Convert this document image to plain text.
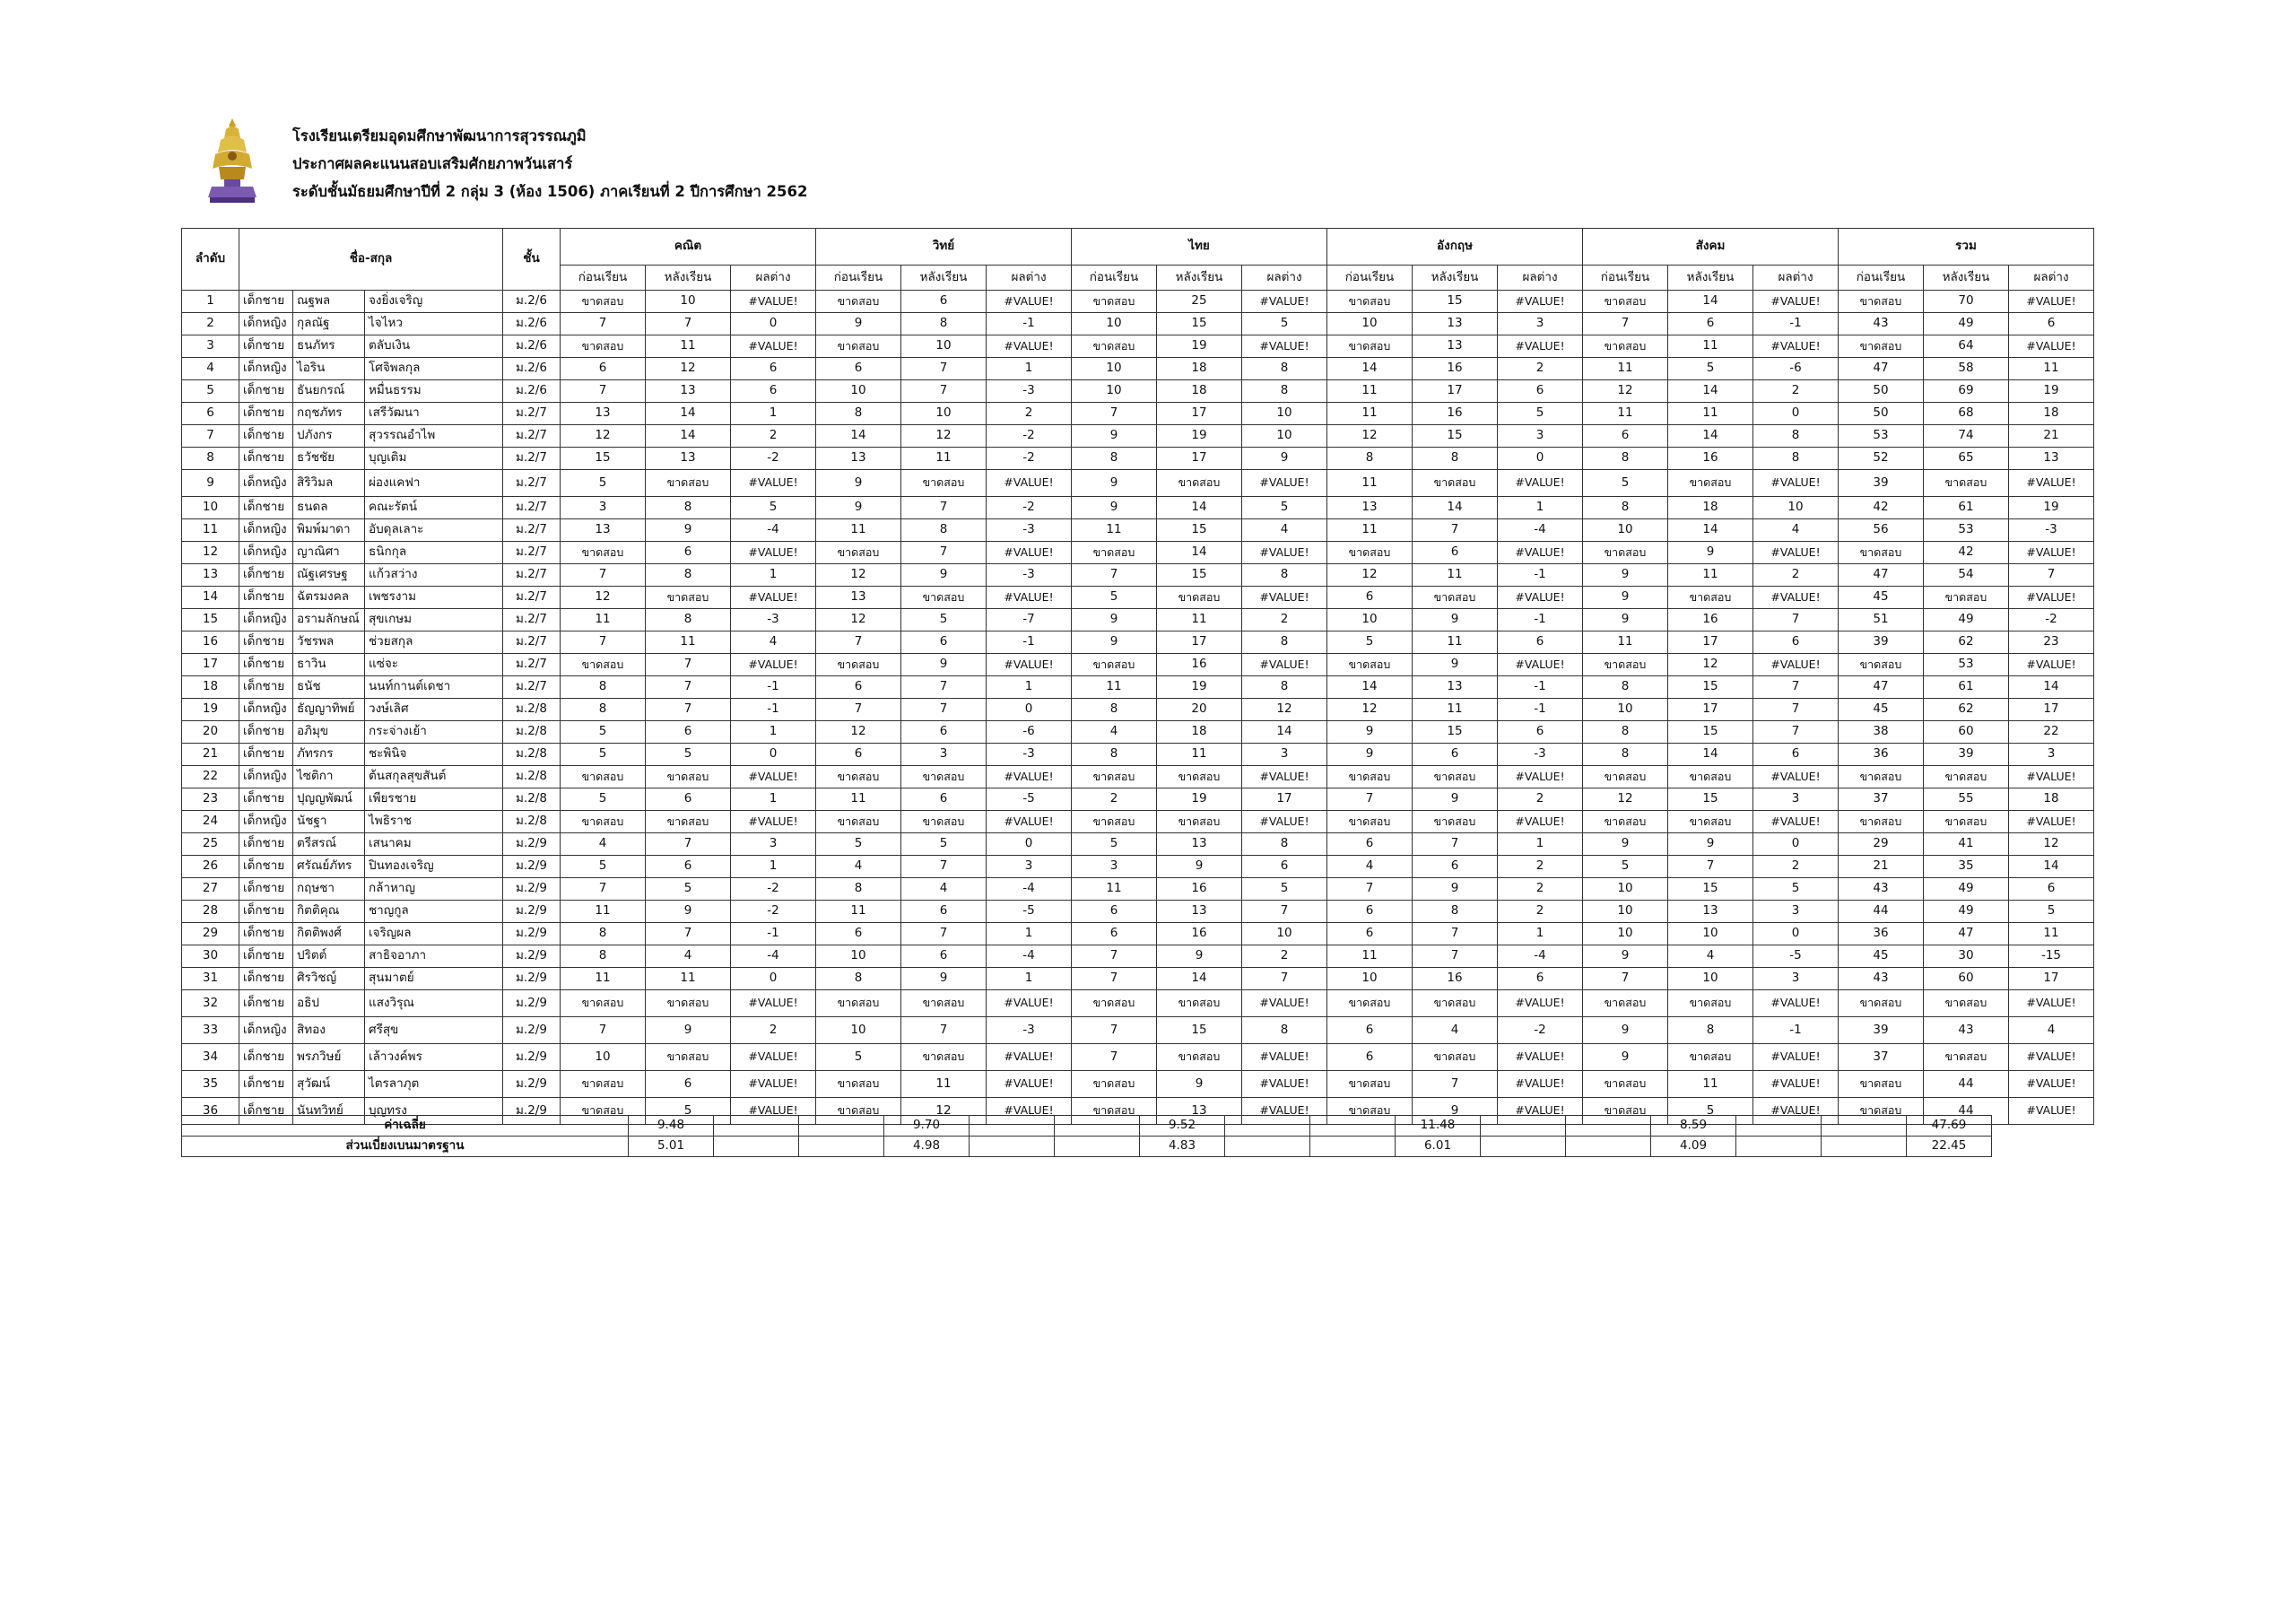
โรงเรียนเตรียมอุดมศึกษาพัฒนาการสุวรรณภูมิ
ประกาศผลคะแนนสอบเสริมศักยภาพวันเสาร์
ระดับชั้นมัธยมศึกษาปีที่ 2 กลุ่ม 3 (ห้อง 1506) ภาคเรียนที่ 2 ปีการศึกษา 2562
ลำดับ	ชื่อ-สกุล			ชั้น	คณิต			วิทย์			ไทย			อังกฤษ			สังคม			รวม		
					ก่อนเรียน	หลังเรียน	ผลต่าง	ก่อนเรียน	หลังเรียน	ผลต่าง	ก่อนเรียน	หลังเรียน	ผลต่าง	ก่อนเรียน	หลังเรียน	ผลต่าง	ก่อนเรียน	หลังเรียน	ผลต่าง	ก่อนเรียน	หลังเรียน	ผลต่าง
1	เด็กชาย	ณฐพล	จงยิ่งเจริญ	ม.2/6	ขาดสอบ	10	#VALUE!	ขาดสอบ	6	#VALUE!	ขาดสอบ	25	#VALUE!	ขาดสอบ	15	#VALUE!	ขาดสอบ	14	#VALUE!	ขาดสอบ	70	#VALUE!
2	เด็กหญิง	กุลณัฐ	ไจไหว	ม.2/6	7	7	0	9	8	-1	10	15	5	10	13	3	7	6	-1	43	49	6
3	เด็กชาย	ธนภัทร	ตลับเงิน	ม.2/6	ขาดสอบ	11	#VALUE!	ขาดสอบ	10	#VALUE!	ขาดสอบ	19	#VALUE!	ขาดสอบ	13	#VALUE!	ขาดสอบ	11	#VALUE!	ขาดสอบ	64	#VALUE!
4	เด็กหญิง	ไอริน	โศจิพลกุล	ม.2/6	6	12	6	6	7	1	10	18	8	14	16	2	11	5	-6	47	58	11
5	เด็กชาย	ธันยกรณ์	หมื่นธรรม	ม.2/6	7	13	6	10	7	-3	10	18	8	11	17	6	12	14	2	50	69	19
6	เด็กชาย	กฤชภัทร	เสรีวัฒนา	ม.2/7	13	14	1	8	10	2	7	17	10	11	16	5	11	11	0	50	68	18
7	เด็กชาย	ปภังกร	สุวรรณอำไพ	ม.2/7	12	14	2	14	12	-2	9	19	10	12	15	3	6	14	8	53	74	21
8	เด็กชาย	ธวัชชัย	บุญเติม	ม.2/7	15	13	-2	13	11	-2	8	17	9	8	8	0	8	16	8	52	65	13
9	เด็กหญิง	สิริวิมล	ผ่องแคฟา	ม.2/7	5	ขาดสอบ	#VALUE!	9	ขาดสอบ	#VALUE!	9	ขาดสอบ	#VALUE!	11	ขาดสอบ	#VALUE!	5	ขาดสอบ	#VALUE!	39	ขาดสอบ	#VALUE!
10	เด็กชาย	ธนดล	คณะรัตน์	ม.2/7	3	8	5	9	7	-2	9	14	5	13	14	1	8	18	10	42	61	19
11	เด็กหญิง	พิมพ์มาดา	อับดุลเลาะ	ม.2/7	13	9	-4	11	8	-3	11	15	4	11	7	-4	10	14	4	56	53	-3
12	เด็กหญิง	ญาณิศา	ธนิกกุล	ม.2/7	ขาดสอบ	6	#VALUE!	ขาดสอบ	7	#VALUE!	ขาดสอบ	14	#VALUE!	ขาดสอบ	6	#VALUE!	ขาดสอบ	9	#VALUE!	ขาดสอบ	42	#VALUE!
13	เด็กชาย	ณัฐเศรษฐ	แก้วสว่าง	ม.2/7	7	8	1	12	9	-3	7	15	8	12	11	-1	9	11	2	47	54	7
14	เด็กชาย	ฉัตรมงคล	เพชรงาม	ม.2/7	12	ขาดสอบ	#VALUE!	13	ขาดสอบ	#VALUE!	5	ขาดสอบ	#VALUE!	6	ขาดสอบ	#VALUE!	9	ขาดสอบ	#VALUE!	45	ขาดสอบ	#VALUE!
15	เด็กหญิง	อรามลักษณ์	สุขเกษม	ม.2/7	11	8	-3	12	5	-7	9	11	2	10	9	-1	9	16	7	51	49	-2
16	เด็กชาย	วัชรพล	ช่วยสกุล	ม.2/7	7	11	4	7	6	-1	9	17	8	5	11	6	11	17	6	39	62	23
17	เด็กชาย	ธาวิน	แซ่จะ	ม.2/7	ขาดสอบ	7	#VALUE!	ขาดสอบ	9	#VALUE!	ขาดสอบ	16	#VALUE!	ขาดสอบ	9	#VALUE!	ขาดสอบ	12	#VALUE!	ขาดสอบ	53	#VALUE!
18	เด็กชาย	ธนัช	นนท์กานต์เดชา	ม.2/7	8	7	-1	6	7	1	11	19	8	14	13	-1	8	15	7	47	61	14
19	เด็กหญิง	ธัญญาทิพย์	วงษ์เลิศ	ม.2/8	8	7	-1	7	7	0	8	20	12	12	11	-1	10	17	7	45	62	17
20	เด็กชาย	อภิมุข	กระจ่างเย้า	ม.2/8	5	6	1	12	6	-6	4	18	14	9	15	6	8	15	7	38	60	22
21	เด็กชาย	ภัทรกร	ชะพินิจ	ม.2/8	5	5	0	6	3	-3	8	11	3	9	6	-3	8	14	6	36	39	3
22	เด็กหญิง	ไซติกา	ต้นสกุลสุขสันต์	ม.2/8	ขาดสอบ	ขาดสอบ	#VALUE!	ขาดสอบ	ขาดสอบ	#VALUE!	ขาดสอบ	ขาดสอบ	#VALUE!	ขาดสอบ	ขาดสอบ	#VALUE!	ขาดสอบ	ขาดสอบ	#VALUE!	ขาดสอบ	ขาดสอบ	#VALUE!
23	เด็กชาย	ปุญญพัฒน์	เพียรชาย	ม.2/8	5	6	1	11	6	-5	2	19	17	7	9	2	12	15	3	37	55	18
24	เด็กหญิง	นัชฐา	ไพธิราช	ม.2/8	ขาดสอบ	ขาดสอบ	#VALUE!	ขาดสอบ	ขาดสอบ	#VALUE!	ขาดสอบ	ขาดสอบ	#VALUE!	ขาดสอบ	ขาดสอบ	#VALUE!	ขาดสอบ	ขาดสอบ	#VALUE!	ขาดสอบ	ขาดสอบ	#VALUE!
25	เด็กชาย	ตรีสรณ์	เสนาคม	ม.2/9	4	7	3	5	5	0	5	13	8	6	7	1	9	9	0	29	41	12
26	เด็กชาย	ศรัณย์ภัทร	ปินทองเจริญ	ม.2/9	5	6	1	4	7	3	3	9	6	4	6	2	5	7	2	21	35	14
27	เด็กชาย	กฤษชา	กล้าหาญ	ม.2/9	7	5	-2	8	4	-4	11	16	5	7	9	2	10	15	5	43	49	6
28	เด็กชาย	กิตติคุณ	ชาญกูล	ม.2/9	11	9	-2	11	6	-5	6	13	7	6	8	2	10	13	3	44	49	5
29	เด็กชาย	กิตติพงศ์	เจริญผล	ม.2/9	8	7	-1	6	7	1	6	16	10	6	7	1	10	10	0	36	47	11
30	เด็กชาย	ปริตต์	สาธิจอาภา	ม.2/9	8	4	-4	10	6	-4	7	9	2	11	7	-4	9	4	-5	45	30	-15
31	เด็กชาย	ศิรวิชญ์	สุนมาตย์	ม.2/9	11	11	0	8	9	1	7	14	7	10	16	6	7	10	3	43	60	17
32	เด็กชาย	อธิป	แสงวิรุณ	ม.2/9	ขาดสอบ	ขาดสอบ	#VALUE!	ขาดสอบ	ขาดสอบ	#VALUE!	ขาดสอบ	ขาดสอบ	#VALUE!	ขาดสอบ	ขาดสอบ	#VALUE!	ขาดสอบ	ขาดสอบ	#VALUE!	ขาดสอบ	ขาดสอบ	#VALUE!
33	เด็กหญิง	สิทอง	ศรีสุข	ม.2/9	7	9	2	10	7	-3	7	15	8	6	4	-2	9	8	-1	39	43	4
34	เด็กชาย	พรภวิษย์	เล้าวงค์พร	ม.2/9	10	ขาดสอบ	#VALUE!	5	ขาดสอบ	#VALUE!	7	ขาดสอบ	#VALUE!	6	ขาดสอบ	#VALUE!	9	ขาดสอบ	#VALUE!	37	ขาดสอบ	#VALUE!
35	เด็กชาย	สุวัฒน์	ไตรลาภุต	ม.2/9	ขาดสอบ	6	#VALUE!	ขาดสอบ	11	#VALUE!	ขาดสอบ	9	#VALUE!	ขาดสอบ	7	#VALUE!	ขาดสอบ	11	#VALUE!	ขาดสอบ	44	#VALUE!
36	เด็กชาย	นันทวิทย์	บุญทรง	ม.2/9	ขาดสอบ	5	#VALUE!	ขาดสอบ	12	#VALUE!	ขาดสอบ	13	#VALUE!	ขาดสอบ	9	#VALUE!	ขาดสอบ	5	#VALUE!	ขาดสอบ	44	#VALUE!
ค่าเฉลี่ย	9.48			9.70			9.52			11.48			8.59			47.69		
ส่วนเบี่ยงเบนมาตรฐาน	5.01			4.98			4.83			6.01			4.09			22.45		
